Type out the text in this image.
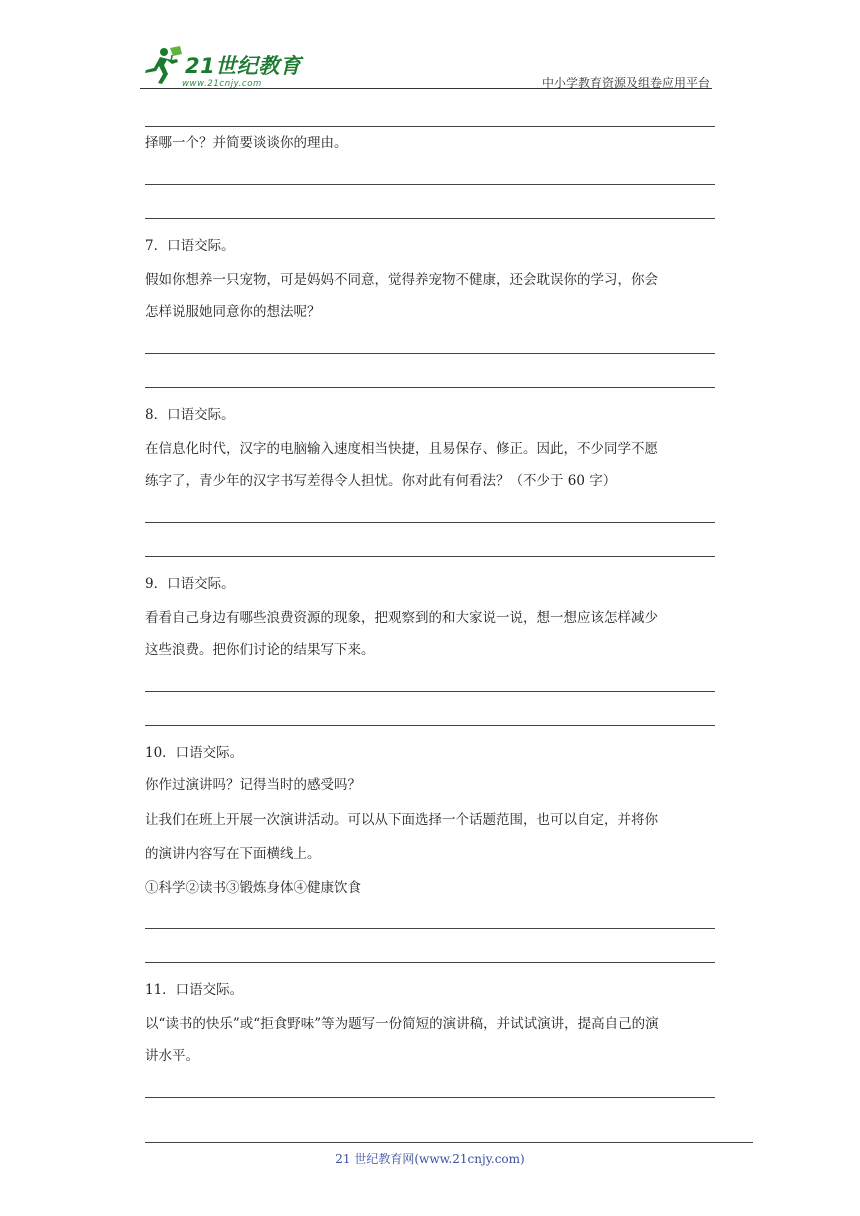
21世纪教育
www.21cnjy.com	中小学教育资源及组卷应用平台
择哪一个？并简要谈谈你的理由。
7．口语交际。
假如你想养一只宠物，可是妈妈不同意，觉得养宠物不健康，还会耽误你的学习，你会
怎样说服她同意你的想法呢？
8．口语交际。
在信息化时代，汉字的电脑输入速度相当快捷，且易保存、修正。因此，不少同学不愿
练字了，青少年的汉字书写差得令人担忧。你对此有何看法？（不少于 60 字）
9．口语交际。
看看自己身边有哪些浪费资源的现象，把观察到的和大家说一说，想一想应该怎样减少
这些浪费。把你们讨论的结果写下来。
10．口语交际。
你作过演讲吗？记得当时的感受吗？
让我们在班上开展一次演讲活动。可以从下面选择一个话题范围，也可以自定，并将你
的演讲内容写在下面横线上。
①科学②读书③锻炼身体④健康饮食
11．口语交际。
以“读书的快乐”或“拒食野味”等为题写一份简短的演讲稿，并试试演讲，提高自己的演
讲水平。
21 世纪教育网(www.21cnjy.com)
